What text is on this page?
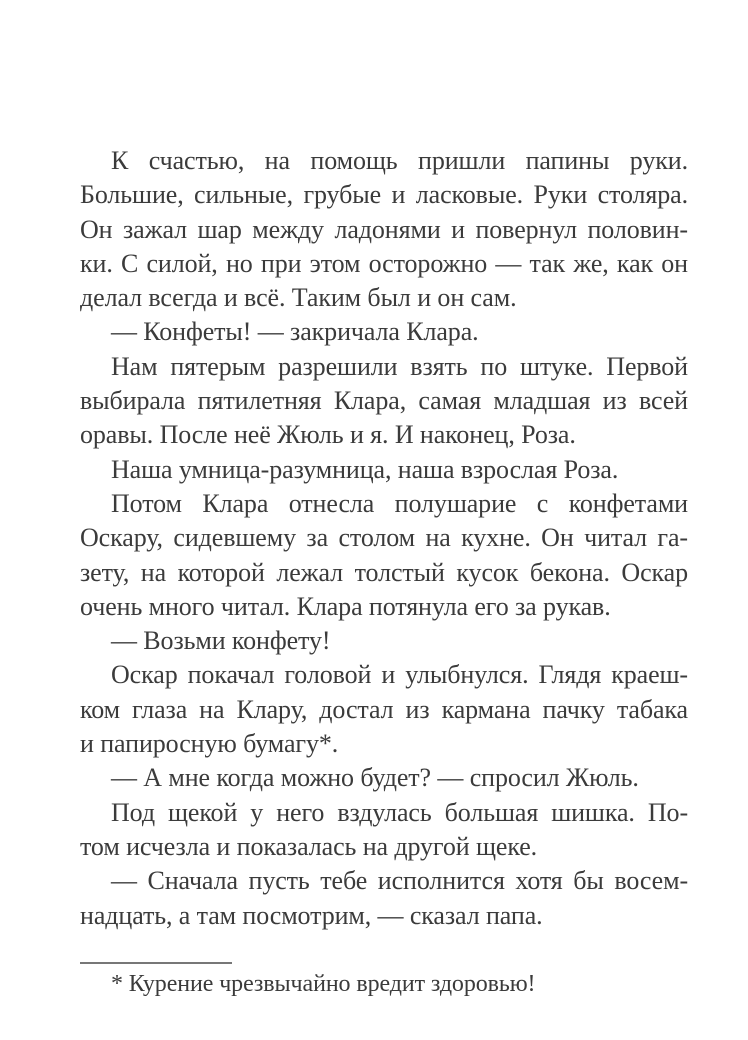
К счастью, на помощь пришли папины руки.
Большие, сильные, грубые и ласковые. Руки столяра.
Он зажал шар между ладонями и повернул половин-
ки. С силой, но при этом осторожно — так же, как он
делал всегда и всё. Таким был и он сам.
— Конфеты! — закричала Клара.
Нам пятерым разрешили взять по штуке. Первой
выбирала пятилетняя Клара, самая младшая из всей
оравы. После неё Жюль и я. И наконец, Роза.
Наша умница-разумница, наша взрослая Роза.
Потом Клара отнесла полушарие с конфетами
Оскару, сидевшему за столом на кухне. Он читал га-
зету, на которой лежал толстый кусок бекона. Оскар
очень много читал. Клара потянула его за рукав.
— Возьми конфету!
Оскар покачал головой и улыбнулся. Глядя краеш-
ком глаза на Клару, достал из кармана пачку табака
и папиросную бумагу*.
— А мне когда можно будет? — спросил Жюль.
Под щекой у него вздулась большая шишка. По-
том исчезла и показалась на другой щеке.
— Сначала пусть тебе исполнится хотя бы восем-
надцать, а там посмотрим, — сказал папа.
* Курение чрезвычайно вредит здоровью!
